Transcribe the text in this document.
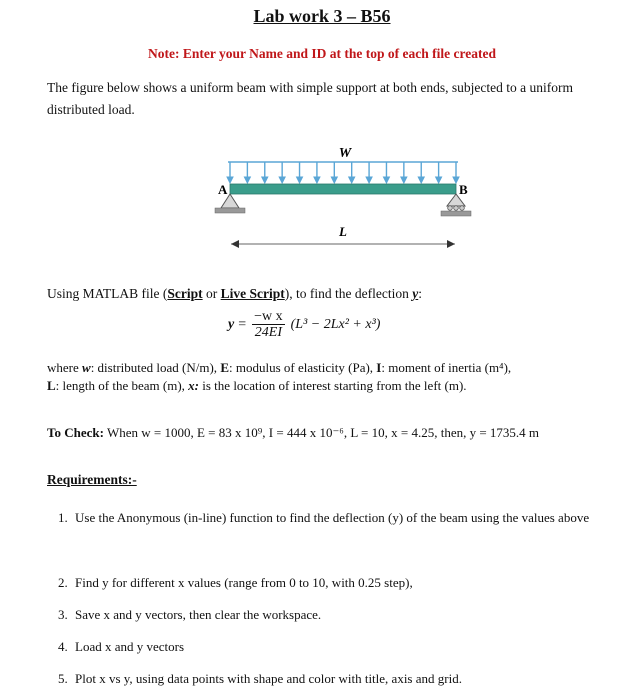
Lab work 3 – B56
Note: Enter your Name and ID at the top of each file created
The figure below shows a uniform beam with simple support at both ends, subjected to a uniform distributed load.
W
A	B
L
Using MATLAB file (Script or Live Script), to find the deflection y:
$y = \frac{\text{−w x}}{24EI} (L^3 - 2Lx^2 + x^3)$
where w: distributed load (N/m), E: modulus of elasticity (Pa), I: moment of inertia (m⁴),
L: length of the beam (m), x: is the location of interest starting from the left (m).
To Check: When w = 1000, E = 83 x 10⁹, I = 444 x 10⁻⁶, L = 10, x = 4.25, then, y = 1735.4 m
Requirements:-
1. Use the Anonymous (in-line) function to find the deflection (y) of the beam using the values above
2. Find y for different x values (range from 0 to 10, with 0.25 step),
3. Save x and y vectors, then clear the workspace.
4. Load x and y vectors
5. Plot x vs y, using data points with shape and color with title, axis and grid.
